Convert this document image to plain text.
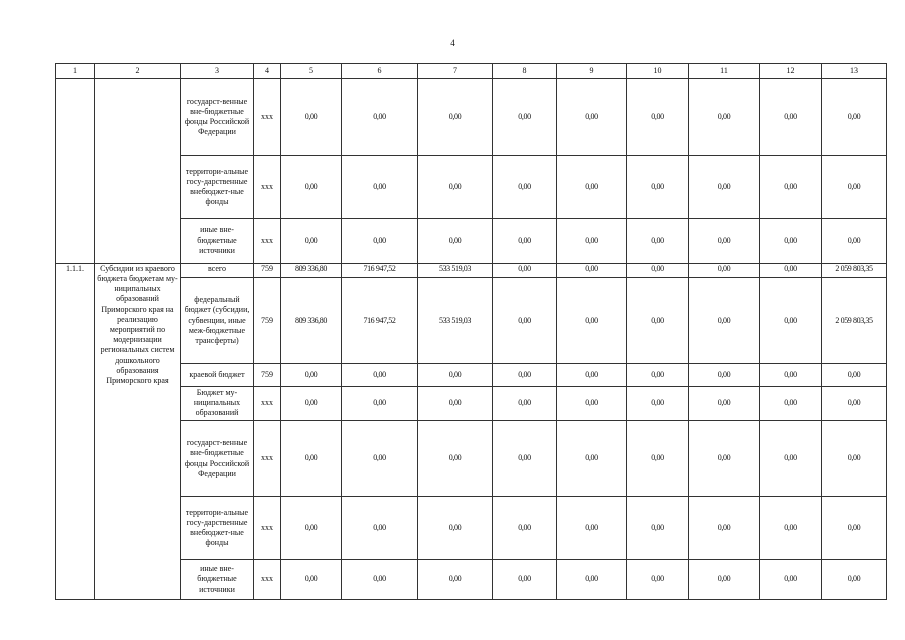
4
1	2	3	4	5	6	7	8	9	10	11	12	13
		государст-венные вне-бюджетные фонды Российской Федерации	xxx	0,00	0,00	0,00	0,00	0,00	0,00	0,00	0,00	0,00
		территори-альные госу-дарственные внебюджет-ные фонды	xxx	0,00	0,00	0,00	0,00	0,00	0,00	0,00	0,00	0,00
		иные вне-бюджетные источники	xxx	0,00	0,00	0,00	0,00	0,00	0,00	0,00	0,00	0,00
1.1.1.	Субсидии из краевого бюджета бюджетам му-ниципальных образований Приморского края на реализацию мероприятий по модернизации региональных систем дошкольного образования Приморского края	всего	759	809 336,80	716 947,52	533 519,03	0,00	0,00	0,00	0,00	0,00	2 059 803,35
		федеральный бюджет (субсидии, субвенции, иные меж-бюджетные трансферты)	759	809 336,80	716 947,52	533 519,03	0,00	0,00	0,00	0,00	0,00	2 059 803,35
		краевой бюджет	759	0,00	0,00	0,00	0,00	0,00	0,00	0,00	0,00	0,00
		Бюджет му-ниципальных образований	xxx	0,00	0,00	0,00	0,00	0,00	0,00	0,00	0,00	0,00
		государст-венные вне-бюджетные фонды Российской Федерации	xxx	0,00	0,00	0,00	0,00	0,00	0,00	0,00	0,00	0,00
		территори-альные госу-дарственные внебюджет-ные фонды	xxx	0,00	0,00	0,00	0,00	0,00	0,00	0,00	0,00	0,00
		иные вне-бюджетные источники	xxx	0,00	0,00	0,00	0,00	0,00	0,00	0,00	0,00	0,00
